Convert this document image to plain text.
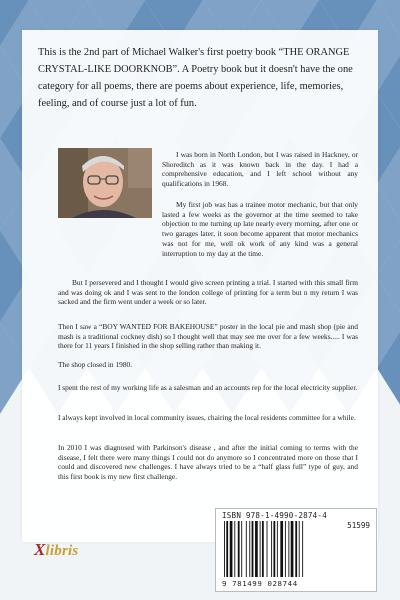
This is the 2nd part of Michael Walker's first poetry book “THE ORANGE CRYSTAL-LIKE DOORKNOB”. A Poetry book but it doesn't have the one category for all poems, there are poems about experience, life, memories, feeling, and of course just a lot of fun.
I was born in North London, but I was raised in Hackney, or Shoreditch as it was known back in the day. I had a comprehensive education, and I left school without any qualifications in 1968.
My first job was has a trainee motor mechanic, but that only lasted a few weeks as the governor at the time seemed to take objection to me turning up late nearly every morning, after one or two garages later, it soon become apparent that motor mechanics was not for me, well ok work of any kind was a general interruption to my day at the time.
But I persevered and I thought I would give screen printing a trial. I started with this small firm and was doing ok and I was sent to the london college of printing for a term but n my return I was sacked and the firm went under a week or so later.
Then I saw a “BOY WANTED FOR BAKEHOUSE” poster in the local pie and mash shop (pie and mash is a traditional cockney dish) so I thought well that may see me over for a few weeks..... I was there for 11 years I finished in the shop selling rather than making it.
The shop closed in 1980.
I spent the rest of my working life as a salesman and an accounts rep for the local electricity supplier.
I always kept involved in local community issues, chairing the local residents committee for a while.
In 2010 I was diagnosed with Parkinson's disease , and after the initial coming to terms with the disease, I felt there were many things I could not do anymore so I concentrated more on those that I could and discovered new challenges. I have always tried to be a “half glass full” type of guy, and this first book is my new first challenge.
Xlibris
ISBN 978-1-4990-2874-4
51599
9 781499 028744
